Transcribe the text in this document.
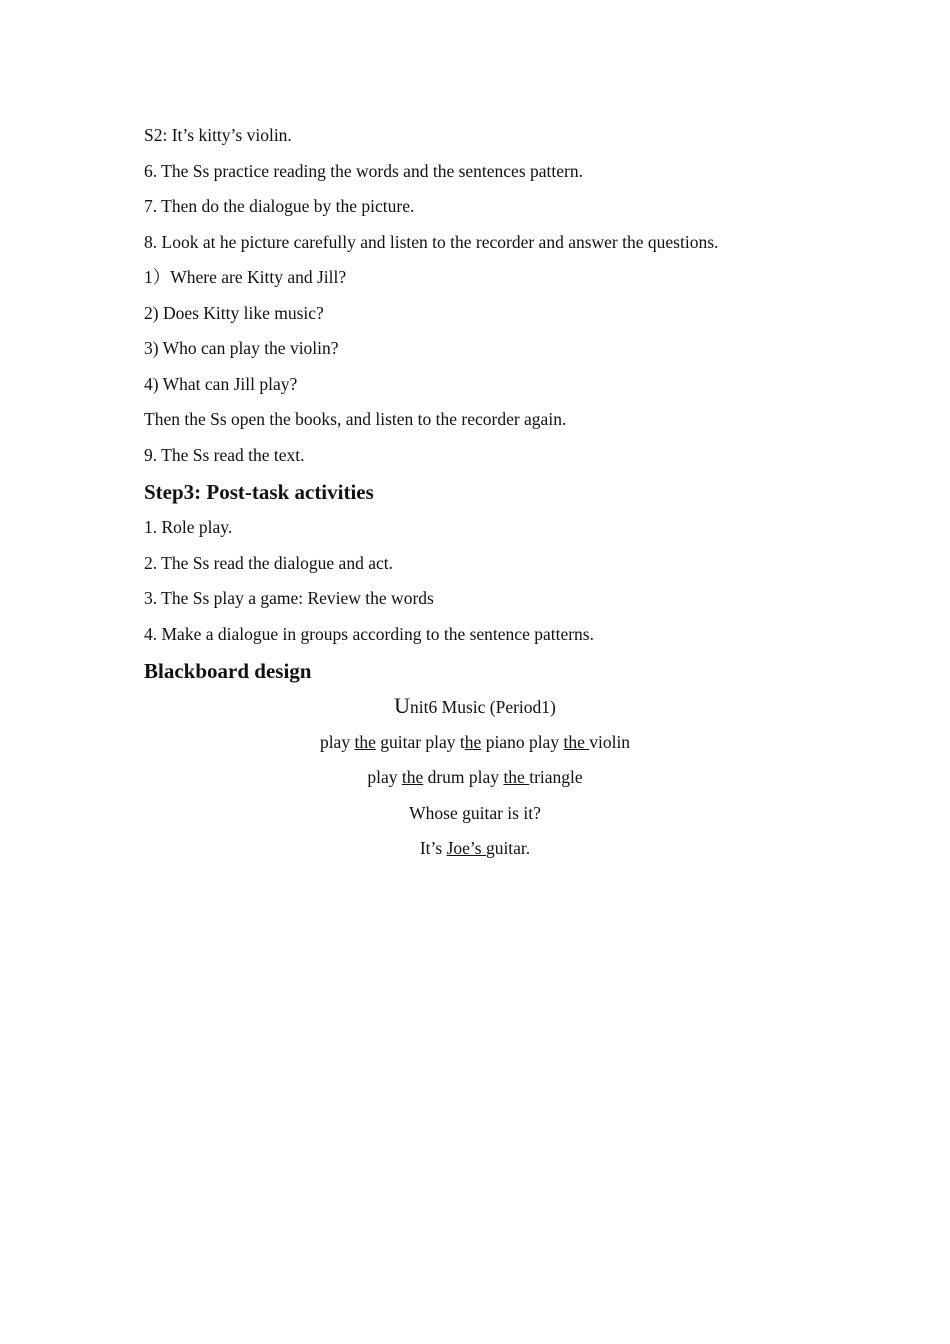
S2: It’s kitty’s violin.

6. The Ss practice reading the words and the sentences pattern.

7. Then do the dialogue by the picture.

8. Look at he picture carefully and listen to the recorder and answer the questions.

1）Where are Kitty and Jill?

2) Does Kitty like music?

3) Who can play the violin?

4) What can Jill play?

Then the Ss open the books, and listen to the recorder again.

9. The Ss read the text.

Step3: Post-task activities

1. Role play.

2. The Ss read the dialogue and act.

3. The Ss play a game: Review the words

4. Make a dialogue in groups according to the sentence patterns.

Blackboard design

Unit6 Music (Period1)

play the guitar play the piano play the violin

play the drum play the triangle

Whose guitar is it?

It’s Joe’s guitar.
